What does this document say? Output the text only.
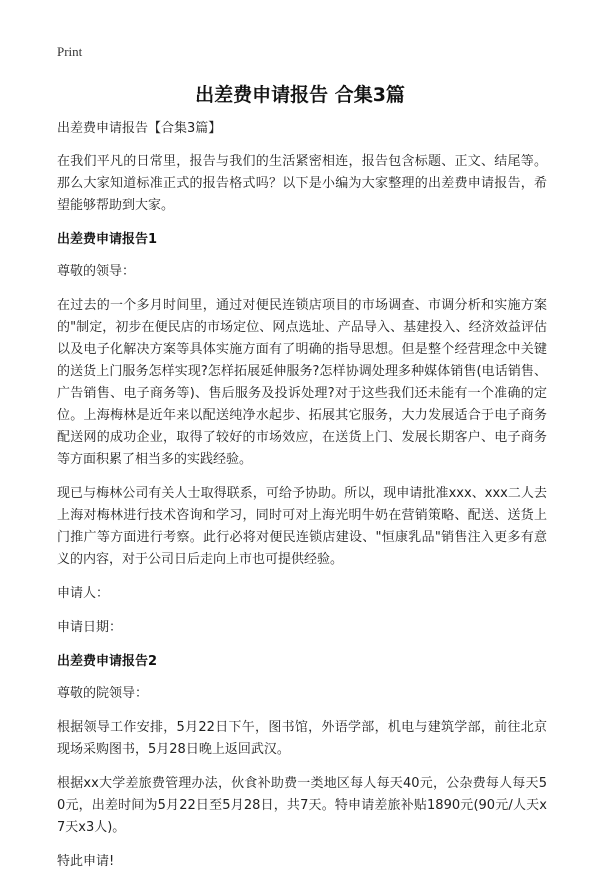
Print
出差费申请报告 合集3篇

出差费申请报告【合集3篇】

在我们平凡的日常里，报告与我们的生活紧密相连，报告包含标题、正文、结尾等。那么大家知道标准正式的报告格式吗？以下是小编为大家整理的出差费申请报告，希望能够帮助到大家。

出差费申请报告1

尊敬的领导：

在过去的一个多月时间里，通过对便民连锁店项目的市场调查、市调分析和实施方案的"制定，初步在便民店的市场定位、网点选址、产品导入、基建投入、经济效益评估以及电子化解决方案等具体实施方面有了明确的指导思想。但是整个经营理念中关键的送货上门服务怎样实现?怎样拓展延伸服务?怎样协调处理多种媒体销售(电话销售、广告销售、电子商务等)、售后服务及投诉处理?对于这些我们还未能有一个准确的定位。上海梅林是近年来以配送纯净水起步、拓展其它服务，大力发展适合于电子商务配送网的成功企业，取得了较好的市场效应，在送货上门、发展长期客户、电子商务等方面积累了相当多的实践经验。

现已与梅林公司有关人士取得联系，可给予协助。所以，现申请批准xxx、xxx二人去上海对梅林进行技术咨询和学习，同时可对上海光明牛奶在营销策略、配送、送货上门推广等方面进行考察。此行必将对便民连锁店建设、"恒康乳品"销售注入更多有意义的内容，对于公司日后走向上市也可提供经验。

申请人：

申请日期：

出差费申请报告2

尊敬的院领导：

根据领导工作安排，5月22日下午，图书馆，外语学部，机电与建筑学部，前往北京现场采购图书，5月28日晚上返回武汉。

根据xx大学差旅费管理办法，伙食补助费一类地区每人每天40元，公杂费每人每天50元，出差时间为5月22日至5月28日，共7天。特申请差旅补贴1890元(90元/人天x7天x3人)。

特此申请!
